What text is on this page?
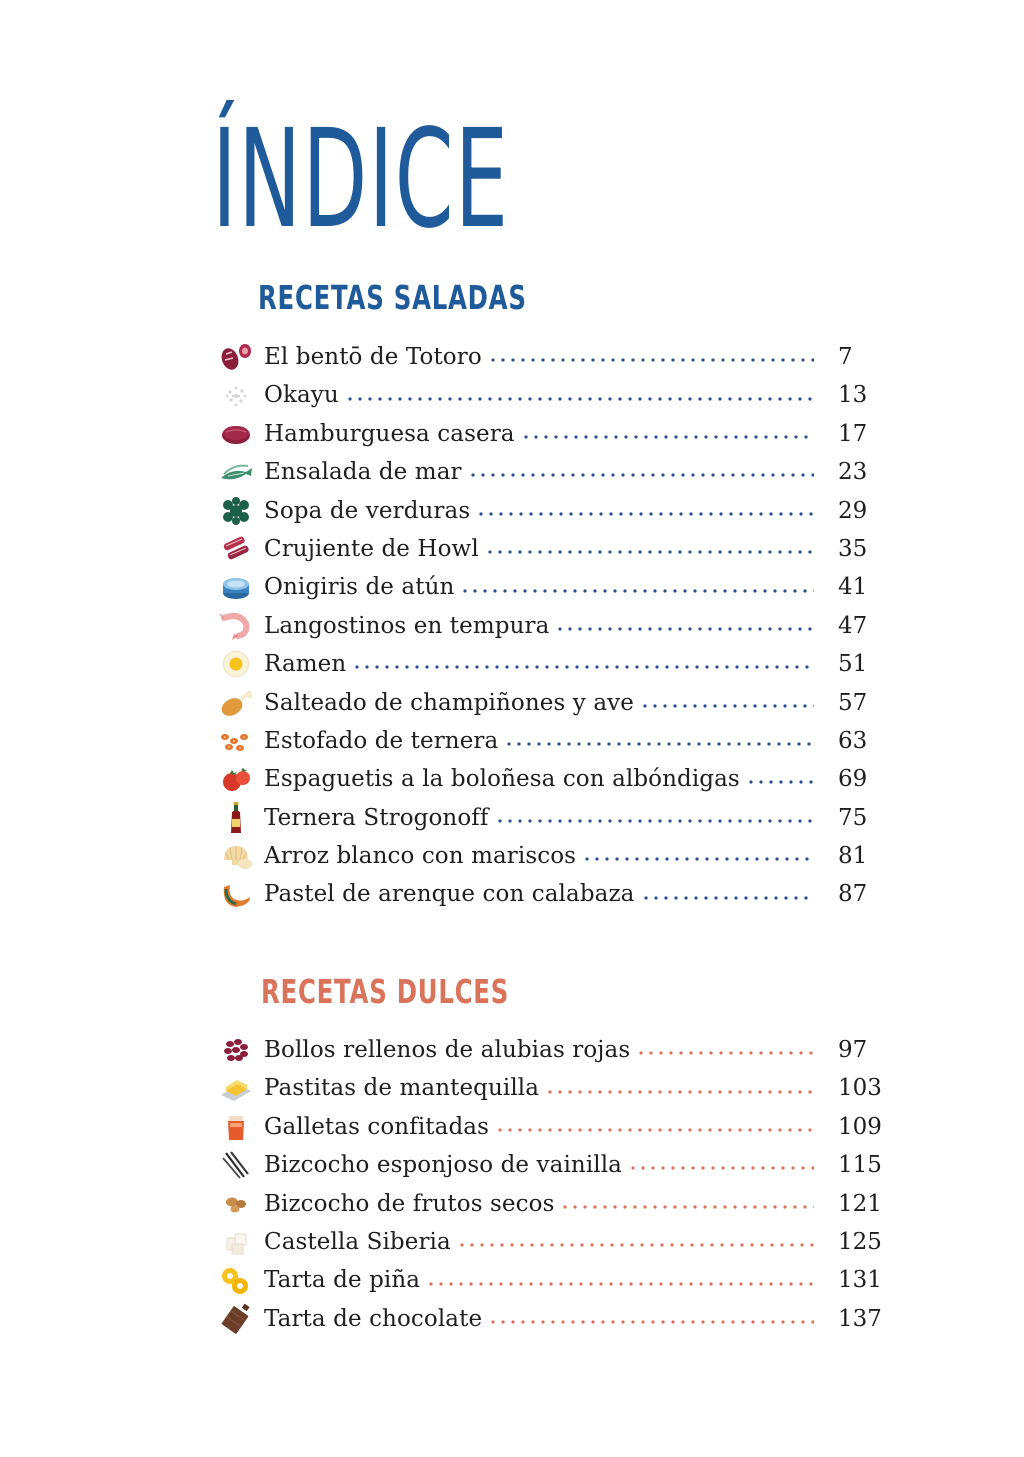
ÍNDICE
RECETAS SALADAS
El bentō de Totoro	7
Okayu	13
Hamburguesa casera	17
Ensalada de mar	23
Sopa de verduras	29
Crujiente de Howl	35
Onigiris de atún	41
Langostinos en tempura	47
Ramen	51
Salteado de champiñones y ave	57
Estofado de ternera	63
Espaguetis a la boloñesa con albóndigas	69
Ternera Strogonoff	75
Arroz blanco con mariscos	81
Pastel de arenque con calabaza	87
RECETAS DULCES
Bollos rellenos de alubias rojas	97
Pastitas de mantequilla	103
Galletas confitadas	109
Bizcocho esponjoso de vainilla	115
Bizcocho de frutos secos	121
Castella Siberia	125
Tarta de piña	131
Tarta de chocolate	137
